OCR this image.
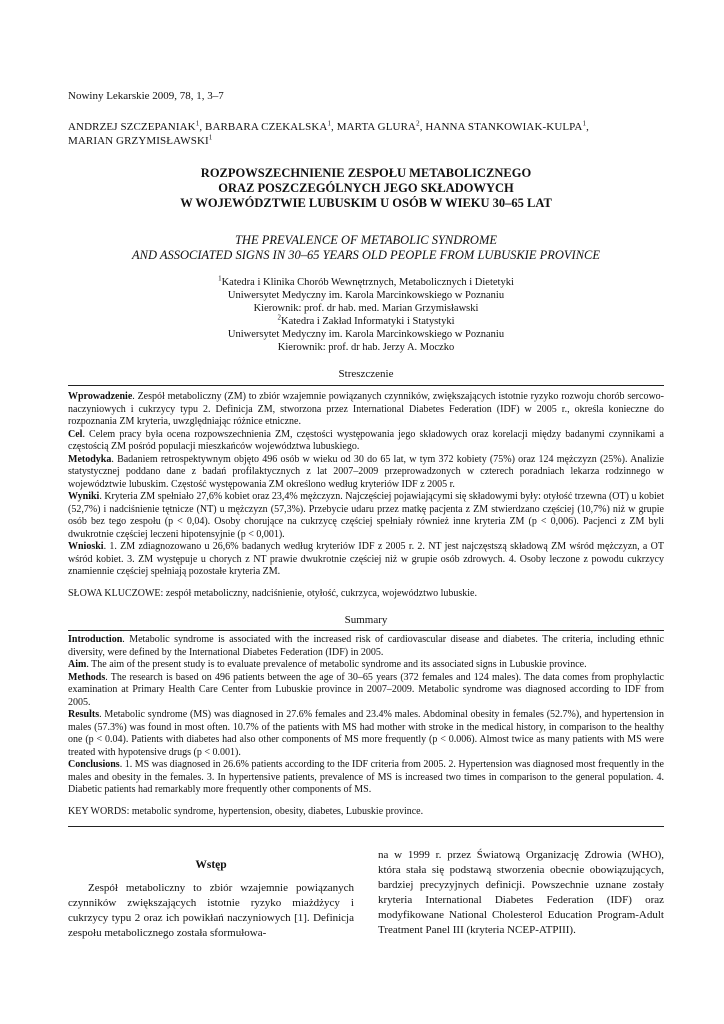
Nowiny Lekarskie 2009, 78, 1, 3–7
ANDRZEJ SZCZEPANIAK$^1$, BARBARA CZEKALSKA$^1$, MARTA GLURA$^2$, HANNA STANKOWIAK-KULPA$^1$,
MARIAN GRZYMISŁAWSKI$^1$
ROZPOWSZECHNIENIE ZESPOŁU METABOLICZNEGO
ORAZ POSZCZEGÓLNYCH JEGO SKŁADOWYCH
W WOJEWÓDZTWIE LUBUSKIM U OSÓB W WIEKU 30–65 LAT
THE PREVALENCE OF METABOLIC SYNDROME
AND ASSOCIATED SIGNS IN 30–65 YEARS OLD PEOPLE FROM LUBUSKIE PROVINCE
$^1$Katedra i Klinika Chorób Wewnętrznych, Metabolicznych i Dietetyki
Uniwersytet Medyczny im. Karola Marcinkowskiego w Poznaniu
Kierownik: prof. dr hab. med. Marian Grzymisławski
$^2$Katedra i Zakład Informatyki i Statystyki
Uniwersytet Medyczny im. Karola Marcinkowskiego w Poznaniu
Kierownik: prof. dr hab. Jerzy A. Moczko
Streszczenie

Wprowadzenie. Zespół metaboliczny (ZM) to zbiór wzajemnie powiązanych czynników, zwiększających istotnie ryzyko rozwoju chorób sercowo-naczyniowych i cukrzycy typu 2. Definicja ZM, stworzona przez International Diabetes Federation (IDF) w 2005 r., określa konieczne do rozpoznania ZM kryteria, uwzględniając różnice etniczne.

Cel. Celem pracy była ocena rozpowszechnienia ZM, częstości występowania jego składowych oraz korelacji między badanymi czynnikami a częstością ZM pośród populacji mieszkańców województwa lubuskiego.

Metodyka. Badaniem retrospektywnym objęto 496 osób w wieku od 30 do 65 lat, w tym 372 kobiety (75%) oraz 124 mężczyzn (25%). Analizie statystycznej poddano dane z badań profilaktycznych z lat 2007–2009 przeprowadzonych w czterech poradniach lekarza rodzinnego w województwie lubuskim. Częstość występowania ZM określono według kryteriów IDF z 2005 r.

Wyniki. Kryteria ZM spełniało 27,6% kobiet oraz 23,4% mężczyzn. Najczęściej pojawiającymi się składowymi były: otyłość trzewna (OT) u kobiet (52,7%) i nadciśnienie tętnicze (NT) u mężczyzn (57,3%). Przebycie udaru przez matkę pacjenta z ZM stwierdzano częściej (10,7%) niż w grupie osób bez tego zespołu (p < 0,04). Osoby chorujące na cukrzycę częściej spełniały również inne kryteria ZM (p < 0,006). Pacjenci z ZM byli dwukrotnie częściej leczeni hipotensyjnie (p < 0,001).

Wnioski. 1. ZM zdiagnozowano u 26,6% badanych według kryteriów IDF z 2005 r. 2. NT jest najczęstszą składową ZM wśród mężczyzn, a OT wśród kobiet. 3. ZM występuje u chorych z NT prawie dwukrotnie częściej niż w grupie osób zdrowych. 4. Osoby leczone z powodu cukrzycy znamiennie częściej spełniają pozostałe kryteria ZM.

SŁOWA KLUCZOWE: zespół metaboliczny, nadciśnienie, otyłość, cukrzyca, województwo lubuskie.
Summary

Introduction. Metabolic syndrome is associated with the increased risk of cardiovascular disease and diabetes. The criteria, including ethnic diversity, were defined by the International Diabetes Federation (IDF) in 2005.

Aim. The aim of the present study is to evaluate prevalence of metabolic syndrome and its associated signs in Lubuskie province.

Methods. The research is based on 496 patients between the age of 30–65 years (372 females and 124 males). The data comes from prophylactic examination at Primary Health Care Center from Lubuskie province in 2007–2009. Metabolic syndrome was diagnosed according to IDF from 2005.

Results. Metabolic syndrome (MS) was diagnosed in 27.6% females and 23.4% males. Abdominal obesity in females (52.7%), and hypertension in males (57.3%) was found in most often. 10.7% of the patients with MS had mother with stroke in the medical history, in comparison to the healthy one (p < 0.04). Patients with diabetes had also other components of MS more frequently (p < 0.006). Almost twice as many patients with MS were treated with hypotensive drugs (p < 0.001).

Conclusions. 1. MS was diagnosed in 26.6% patients according to the IDF criteria from 2005. 2. Hypertension was diagnosed most frequently in the males and obesity in the females. 3. In hypertensive patients, prevalence of MS is increased two times in comparison to the general population. 4. Diabetic patients had remarkably more frequently other components of MS.

KEY WORDS: metabolic syndrome, hypertension, obesity, diabetes, Lubuskie province.
Wstęp

Zespół metaboliczny to zbiór wzajemnie powiązanych czynników zwiększających istotnie ryzyko miażdżycy i cukrzycy typu 2 oraz ich powikłań naczyniowych [1]. Definicja zespołu metabolicznego została sformułowa-

na w 1999 r. przez Światową Organizację Zdrowia (WHO), która stała się podstawą stworzenia obecnie obowiązujących, bardziej precyzyjnych definicji. Powszechnie uznane zostały kryteria International Diabetes Federation (IDF) oraz modyfikowane National Cholesterol Education Program-Adult Treatment Panel III (kryteria NCEP-ATPIII).
